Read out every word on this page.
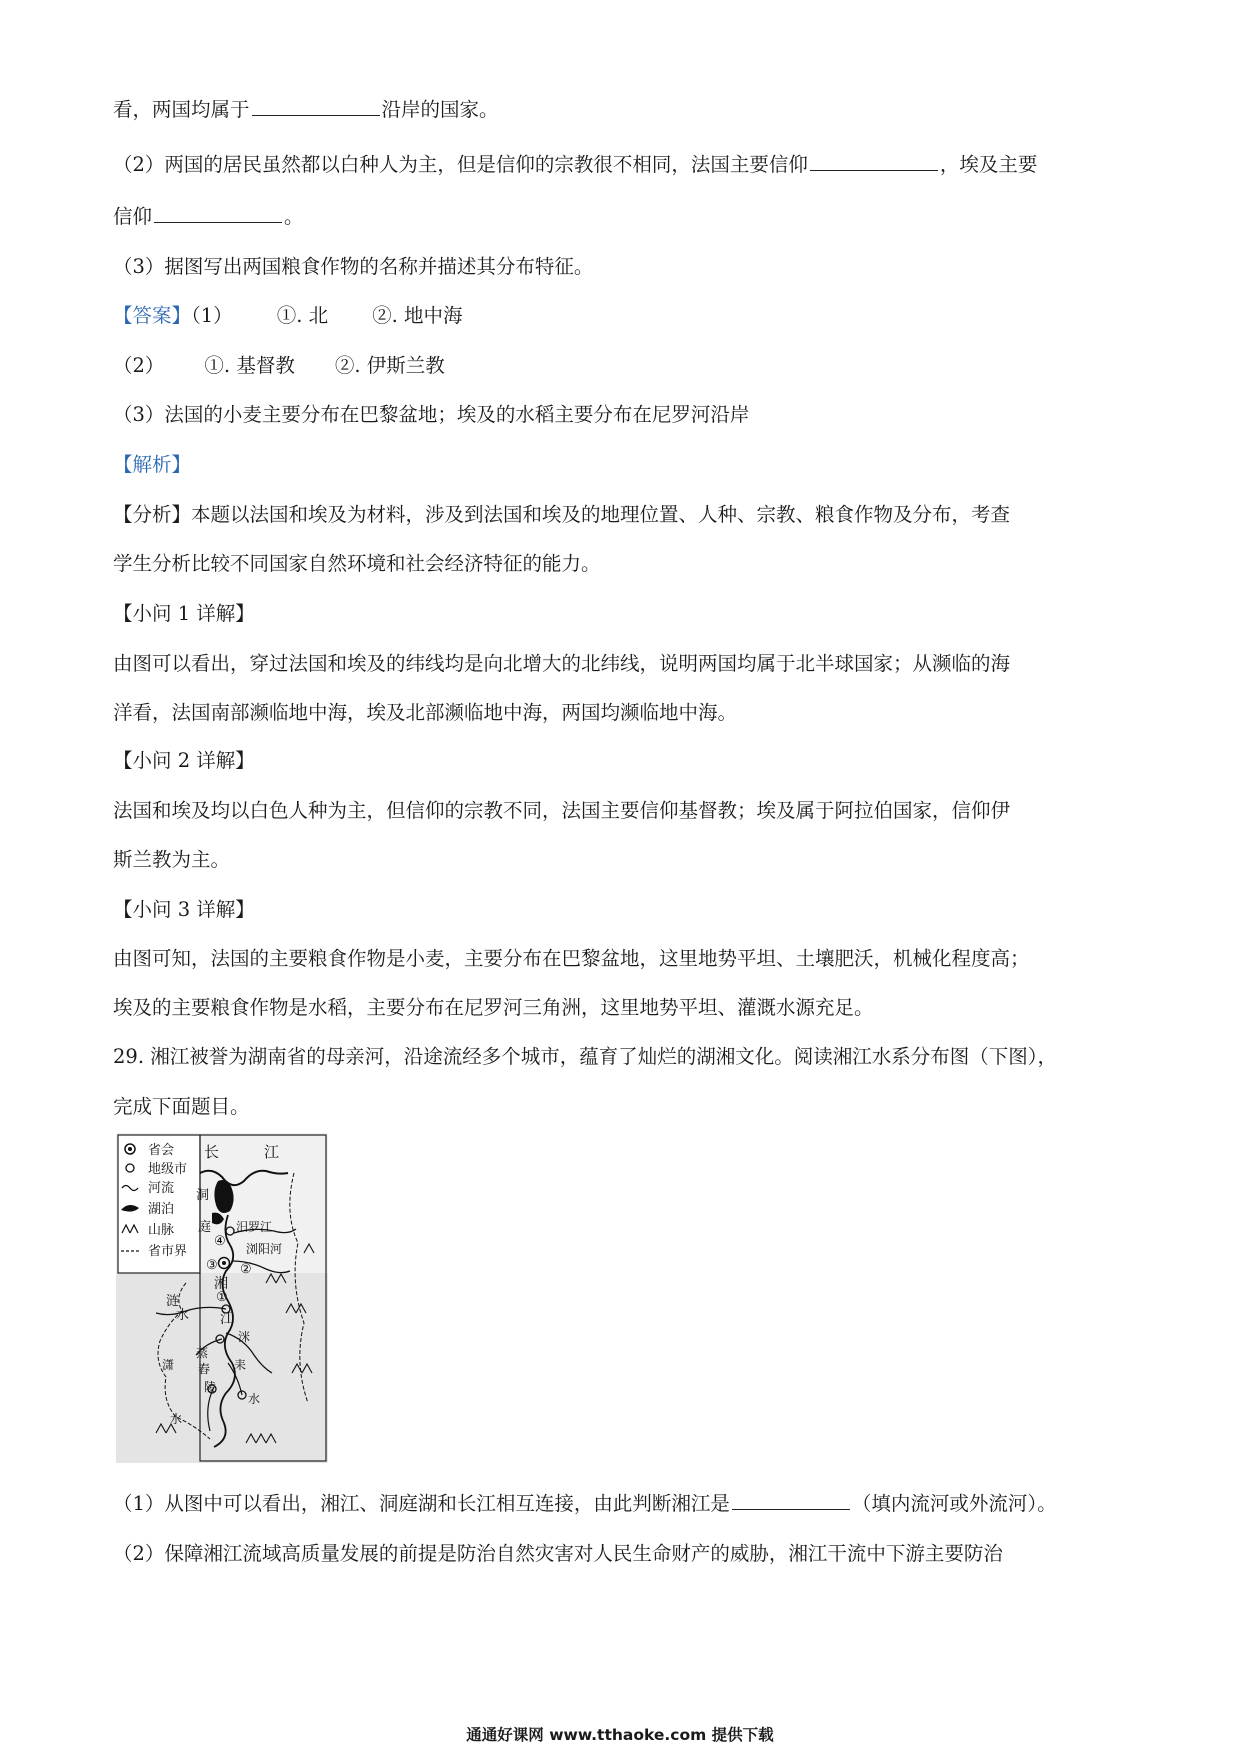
看，两国均属于	沿岸的国家。
（2）两国的居民虽然都以白种人为主，但是信仰的宗教很不相同，法国主要信仰	，埃及主要
信仰	。
（3）据图写出两国粮食作物的名称并描述其分布特征。
【答案】（1） ①. 北 ②. 地中海
（2） ①. 基督教 ②. 伊斯兰教
（3）法国的小麦主要分布在巴黎盆地；埃及的水稻主要分布在尼罗河沿岸
【解析】
【分析】本题以法国和埃及为材料，涉及到法国和埃及的地理位置、人种、宗教、粮食作物及分布，考查
学生分析比较不同国家自然环境和社会经济特征的能力。
【小问 1 详解】
由图可以看出，穿过法国和埃及的纬线均是向北增大的北纬线，说明两国均属于北半球国家；从濒临的海
洋看，法国南部濒临地中海，埃及北部濒临地中海，两国均濒临地中海。
【小问 2 详解】
法国和埃及均以白色人种为主，但信仰的宗教不同，法国主要信仰基督教；埃及属于阿拉伯国家，信仰伊
斯兰教为主。
【小问 3 详解】
由图可知，法国的主要粮食作物是小麦，主要分布在巴黎盆地，这里地势平坦、土壤肥沃，机械化程度高；
埃及的主要粮食作物是水稻，主要分布在尼罗河三角洲，这里地势平坦、灌溉水源充足。
29. 湘江被誉为湖南省的母亲河，沿途流经多个城市，蕴育了灿烂的湖湘文化。阅读湘江水系分布图（下图），
完成下面题目。
省会
地级市
河流
湖泊
山脉
省市界
长	江
洞
庭 汨罗江
浏阳河
④
③ ②
①
湘
江
涟
水
蒸
洣
耒
舂
陵
水
潇
水
（1）从图中可以看出，湘江、洞庭湖和长江相互连接，由此判断湘江是	（填内流河或外流河）。
（2）保障湘江流域高质量发展的前提是防治自然灾害对人民生命财产的威胁，湘江干流中下游主要防治
通通好课网 www.tthaoke.com 提供下载
